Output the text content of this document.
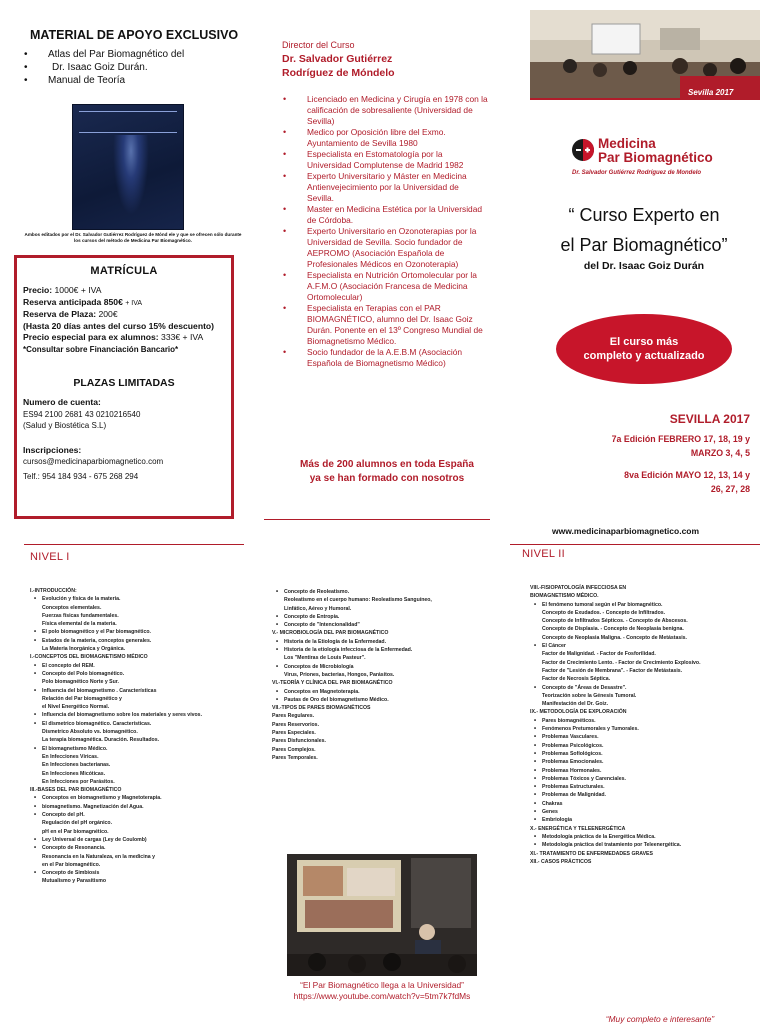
MATERIAL DE APOYO EXCLUSIVO
• Atlas del Par Biomagnético del
• Dr. Isaac Goiz Durán.
• Manual de Teoría
Ambos editados por el Dr. Salvador Gutiérrez Rodríguez de Mónd ele y que se ofrecen sólo durante los cursos del método de Medicina Par Biomagnético.
MATRÍCULA
Precio: 1000€ + IVA
Reserva anticipada 850€ + IVA
Reserva de Plaza: 200€
(Hasta 20 días antes del curso 15% descuento)
Precio especial para ex alumnos: 333€ + IVA
*Consultar sobre Financiación Bancario*
PLAZAS LIMITADAS
Numero de cuenta:
ES94 2100 2681 43 0210216540
(Salud y Biostética S.L)
Inscripciones:
cursos@medicinaparbiomagnetico.com
Telf.: 954 184 934 - 675 268 294
Director del Curso
Dr. Salvador Gutiérrez
Rodríguez de Móndelo
• Licenciado en Medicina y Cirugía en 1978 con la calificación de sobresaliente (Universidad de Sevilla)
• Medico por Oposición libre del Exmo. Ayuntamiento de Sevilla 1980
• Especialista en Estomatología por la Universidad Complutense de Madrid 1982
• Experto Universitario y Máster en Medicina Antienvejecimiento por la Universidad de Sevilla.
• Master en Medicina Estética por la Universidad de Córdoba.
• Experto Universitario en Ozonoterapias por la Universidad de Sevilla. Socio fundador de AEPROMO (Asociación Española de Profesionales Médicos en Ozonoterapia)
• Especialista en Nutrición Ortomolecular por la A.F.M.O (Asociación Francesa de Medicina Ortomolecular)
• Especialista en Terapias con el PAR BIOMAGNÉTICO, alumno del Dr. Isaac Goiz Durán. Ponente en el 13º Congreso Mundial de Biomagnetismo Médico.
• Socio fundador de la A.E.B.M (Asociación Española de Biomagnetismo Médico)
Más de 200 alumnos en toda España
ya se han formado con nosotros
Sevilla 2017
Medicina
Par Biomagnético
Dr. Salvador Gutiérrez Rodríguez de Mondelo
“ Curso Experto en
el Par Biomagnético”
del Dr. Isaac Goiz Durán
El curso más
completo y actualizado
SEVILLA 2017
7a Edición FEBRERO 17, 18, 19 y
MARZO 3, 4, 5
8va Edición MAYO 12, 13, 14 y
26, 27, 28
www.medicinaparbiomagnetico.com
NIVEL I	NIVEL II
I.-INTRODUCCIÓN:
• Evolución y física de la materia.
Conceptos elementales.
Fuerzas físicas fundamentales.
Física elemental de la materia.
• El polo biomagnético y el Par biomagnético.
• Estados de la materia, conceptos generales.
La Materia Inorgánica y Orgánica.
I.-CONCEPTOS DEL BIOMAGNETISMO MÉDICO
• El concepto del REM.
• Concepto del Polo biomagnético.
Polo biomagnético Norte y Sur.
• Influencia del biomagnetismo . Características
Relación del Par biomagnético y
el Nivel Energético Normal.
• Influencia del biomagnetismo sobre los materiales y seres vivos.
• El dismetrico biomagnético. Características.
Dismetrico Absoluto vs. biomagnético.
La terapia biomagnética. Duración. Resultados.
• El biomagnetismo Médico.
En Infecciones Víricas.
En Infecciones bacterianas.
En Infecciones Micóticas.
En Infecciones por Parásitos.
III.-BASES DEL PAR BIOMAGNÉTICO
• Conceptos en biomagnetismo y Magnetoterapia.
• biomagnetismo. Magnetización del Agua.
• Concepto del pH.
Regulación del pH orgánico.
pH en el Par biomagnético.
• Ley Universal de cargas (Ley de Coulomb)
• Concepto de Resonancia.
Resonancia en la Naturaleza, en la medicina y
en el Par biomagnético.
• Concepto de Simbiosis
Mutualismo y Parasitismo
• Concepto de Reoleatismo.
Reoleatismo en el cuerpo humano: Reoleatismo Sanguíneo,
Linfático, Aéreo y Humoral.
• Concepto de Entropía.
• Concepto de "Intencionalidad"
V.- MICROBIOLOGÍA DEL PAR BIOMAGNÉTICO
• Historia de la Etiología de la Enfermedad.
• Historia de la etiología infecciosa de la Enfermedad.
Los "Mentiras de Louis Pasteur".
• Conceptos de Microbiología
Virus, Priones, bacterias, Hongos, Parásitos.
VI.-TEORÍA Y CLÍNICA DEL PAR BIOMAGNÉTICO
• Conceptos en Magnetoterapia.
• Pautas de Oro del biomagnetismo Médico.
VII.-TIPOS DE PARES BIOMAGNÉTICOS
Pares Regulares.
Pares Reservorios.
Pares Especiales.
Pares Disfuncionales.
Pares Complejos.
Pares Temporales.
VIII.-FISIOPATOLOGÍA INFECCIOSA EN
BIOMAGNETISMO MÉDICO.
• El fenómeno tumoral según el Par biomagnético.
Concepto de Exudados. - Concepto de Infiltrados.
Concepto de Infiltrados Sépticos. - Concepto de Abscesos.
Concepto de Displasia. - Concepto de Neoplasia benigna.
Concepto de Neoplasia Maligna. - Concepto de Metástasis.
• El Cáncer
Factor de Malignidad. - Factor de Fosforilidad.
Factor de Crecimiento Lento. - Factor de Crecimiento Explosivo.
Factor de "Lesión de Membrana". - Factor de Metástasis.
Factor de Necrosis Séptica.
• Concepto de "Áreas de Desastre".
Teorización sobre la Génesis Tumoral.
Manifestación del Dr. Goiz.
IX.- METODOLOGÍA DE EXPLORACIÓN
• Pares biomagnéticos.
• Fenómenos Pretumorales y Tumorales.
• Problemas Vasculares.
• Problemas Psicológicos.
• Problemas Sofíológicos.
• Problemas Emocionales.
• Problemas Hormonales.
• Problemas Tóxicos y Carenciales.
• Problemas Estructurales.
• Problemas de Malignidad.
• Chakras
• Genes
• Embriología
X.- ENERGÉTICA Y TELEENERGÉTICA
• Metodología práctica de la Energética Médica.
• Metodología práctica del tratamiento por Teleenergética.
XI.- TRATAMIENTO DE ENFERMEDADES GRAVES
XII.- CASOS PRÁCTICOS
“El Par Biomagnético llega a la Universidad”
https://www.youtube.com/watch?v=5tm7k7fdMs
“Muy completo e interesante”
